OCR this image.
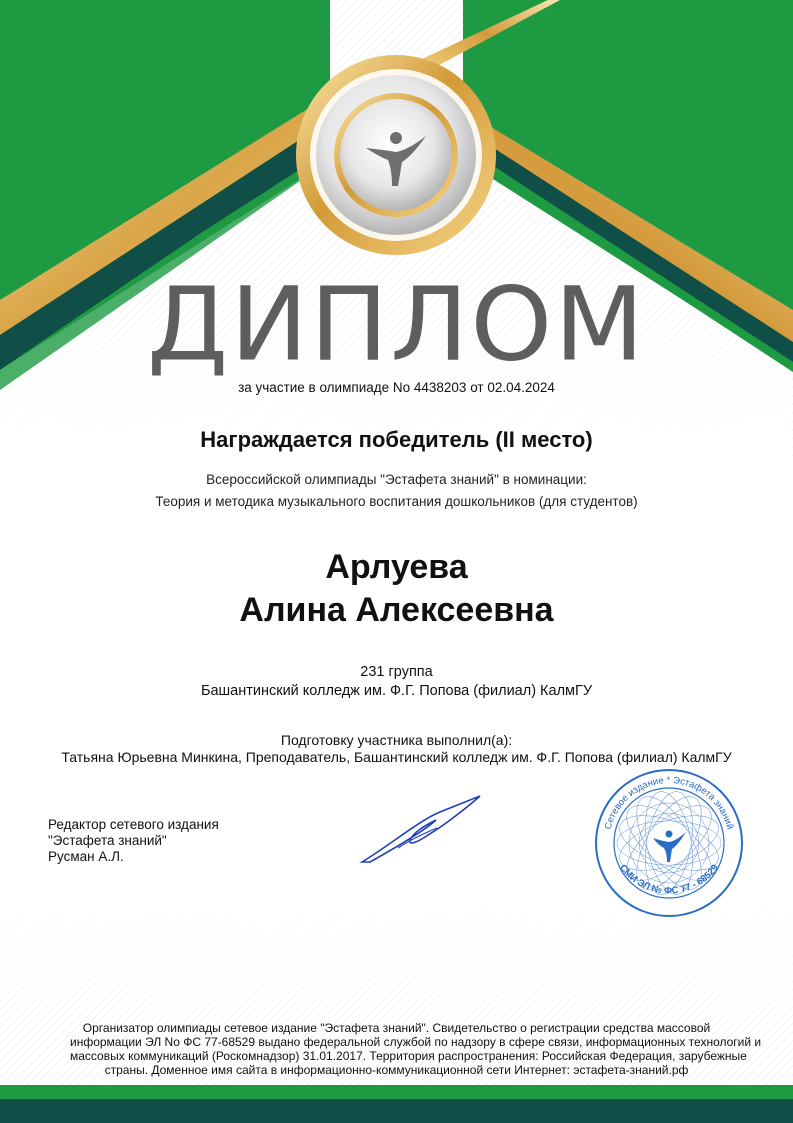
Сетевое издание * Эстафета знаний
СМИ ЭЛ № ФС 77 - 68529
ДИПЛОМ
за участие в олимпиаде No 4438203 от 02.04.2024
Награждается победитель (II место)
Всероссийской олимпиады "Эстафета знаний" в номинации:
Теория и методика музыкального воспитания дошкольников (для студентов)
Арлуева
Алина Алексеевна
231 группа
Башантинский колледж им. Ф.Г. Попова (филиал) КалмГУ
Подготовку участника выполнил(а):
Татьяна Юрьевна Минкина, Преподаватель, Башантинский колледж им. Ф.Г. Попова (филиал) КалмГУ
Редактор сетевого издания
"Эстафета знаний"
Русман А.Л.
Организатор олимпиады сетевое издание "Эстафета знаний". Свидетельство о регистрации средства массовой
информации ЭЛ No ФС 77-68529 выдано федеральной службой по надзору в сфере связи, информационных технологий и
массовых коммуникаций (Роскомнадзор) 31.01.2017. Территория распространения: Российская Федерация, зарубежные
страны. Доменное имя сайта в информационно-коммуникационной сети Интернет: эстафета-знаний.рф
